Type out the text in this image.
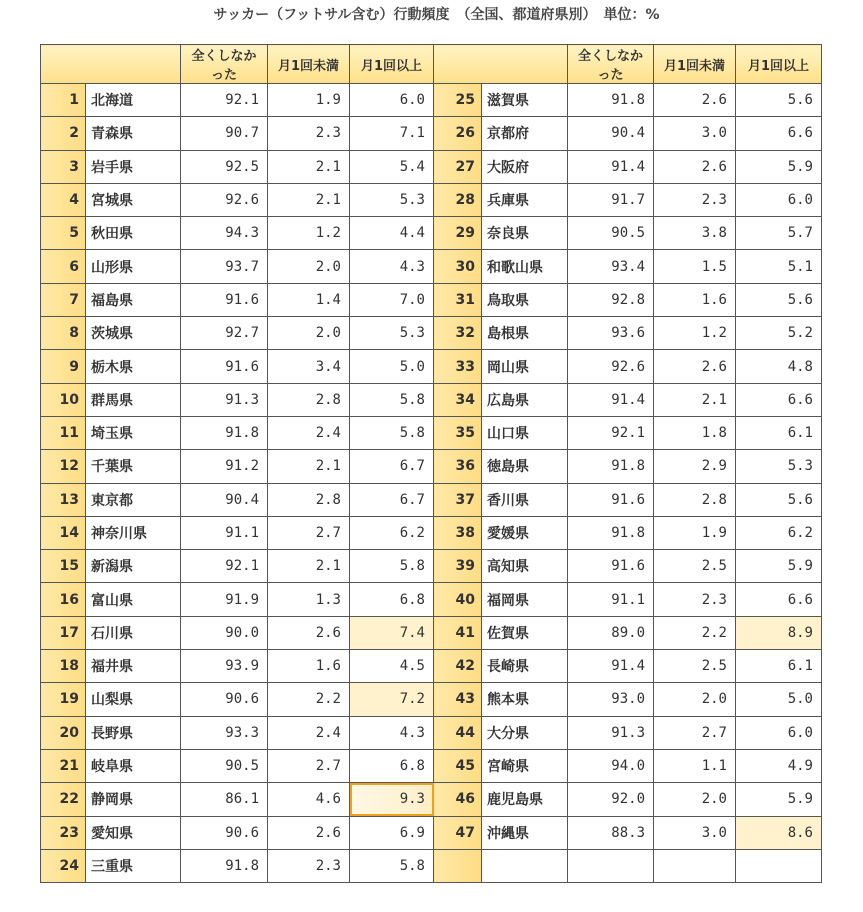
サッカー（フットサル含む）行動頻度　（全国、都道府県別）　単位：%
		全くしなかった	月1回未満	月1回以上			全くしなかった	月1回未満	月1回以上
1	北海道	92.1	1.9	6.0	25	滋賀県	91.8	2.6	5.6
2	青森県	90.7	2.3	7.1	26	京都府	90.4	3.0	6.6
3	岩手県	92.5	2.1	5.4	27	大阪府	91.4	2.6	5.9
4	宮城県	92.6	2.1	5.3	28	兵庫県	91.7	2.3	6.0
5	秋田県	94.3	1.2	4.4	29	奈良県	90.5	3.8	5.7
6	山形県	93.7	2.0	4.3	30	和歌山県	93.4	1.5	5.1
7	福島県	91.6	1.4	7.0	31	鳥取県	92.8	1.6	5.6
8	茨城県	92.7	2.0	5.3	32	島根県	93.6	1.2	5.2
9	栃木県	91.6	3.4	5.0	33	岡山県	92.6	2.6	4.8
10	群馬県	91.3	2.8	5.8	34	広島県	91.4	2.1	6.6
11	埼玉県	91.8	2.4	5.8	35	山口県	92.1	1.8	6.1
12	千葉県	91.2	2.1	6.7	36	徳島県	91.8	2.9	5.3
13	東京都	90.4	2.8	6.7	37	香川県	91.6	2.8	5.6
14	神奈川県	91.1	2.7	6.2	38	愛媛県	91.8	1.9	6.2
15	新潟県	92.1	2.1	5.8	39	高知県	91.6	2.5	5.9
16	富山県	91.9	1.3	6.8	40	福岡県	91.1	2.3	6.6
17	石川県	90.0	2.6	7.4	41	佐賀県	89.0	2.2	8.9
18	福井県	93.9	1.6	4.5	42	長崎県	91.4	2.5	6.1
19	山梨県	90.6	2.2	7.2	43	熊本県	93.0	2.0	5.0
20	長野県	93.3	2.4	4.3	44	大分県	91.3	2.7	6.0
21	岐阜県	90.5	2.7	6.8	45	宮崎県	94.0	1.1	4.9
22	静岡県	86.1	4.6	9.3	46	鹿児島県	92.0	2.0	5.9
23	愛知県	90.6	2.6	6.9	47	沖縄県	88.3	3.0	8.6
24	三重県	91.8	2.3	5.8					
